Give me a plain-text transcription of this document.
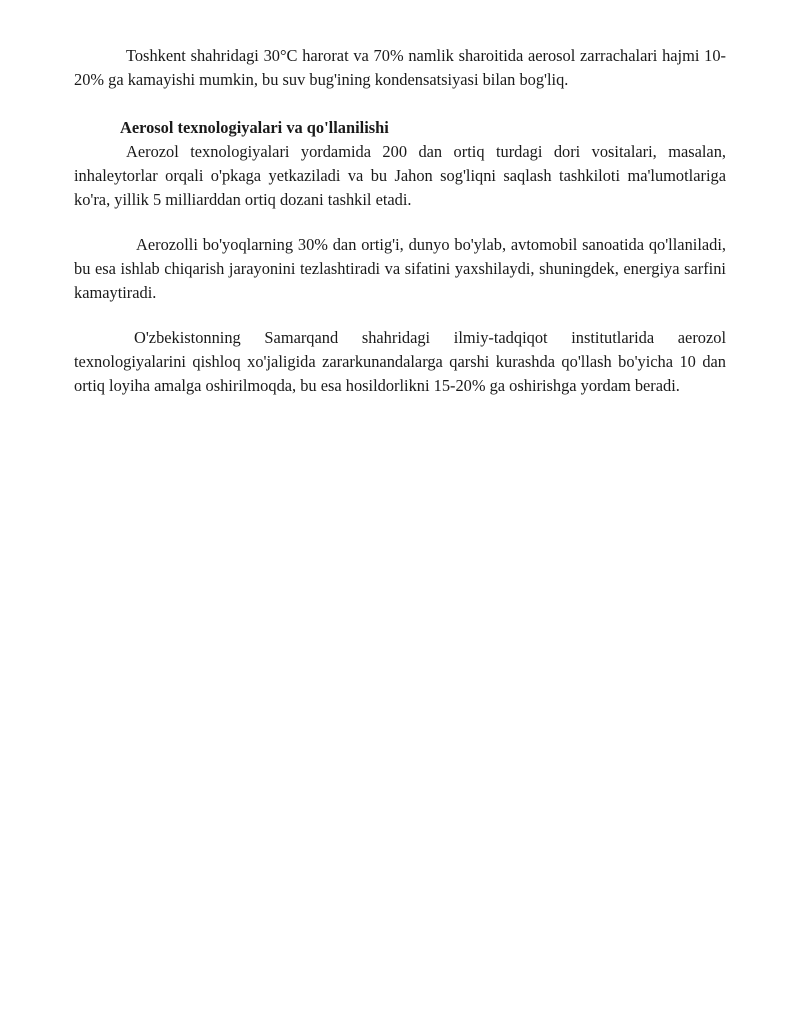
Toshkent shahridagi 30°C harorat va 70% namlik sharoitida aerosol zarrachalari hajmi 10-20% ga kamayishi mumkin, bu suv bug'ining kondensatsiyasi bilan bog'liq.

Aerosol texnologiyalari va qo'llanilishi

Aerozol texnologiyalari yordamida 200 dan ortiq turdagi dori vositalari, masalan, inhaleytorlar orqali o'pkaga yetkaziladi va bu Jahon sog'liqni saqlash tashkiloti ma'lumotlariga ko'ra, yillik 5 milliarddan ortiq dozani tashkil etadi.

Aerozolli bo'yoqlarning 30% dan ortig'i, dunyo bo'ylab, avtomobil sanoatida qo'llaniladi, bu esa ishlab chiqarish jarayonini tezlashtiradi va sifatini yaxshilaydi, shuningdek, energiya sarfini kamaytiradi.

O'zbekistonning Samarqand shahridagi ilmiy-tadqiqot institutlarida aerozol texnologiyalarini qishloq xo'jaligida zararkunandalarga qarshi kurashda qo'llash bo'yicha 10 dan ortiq loyiha amalga oshirilmoqda, bu esa hosildorlikni 15-20% ga oshirishga yordam beradi.
